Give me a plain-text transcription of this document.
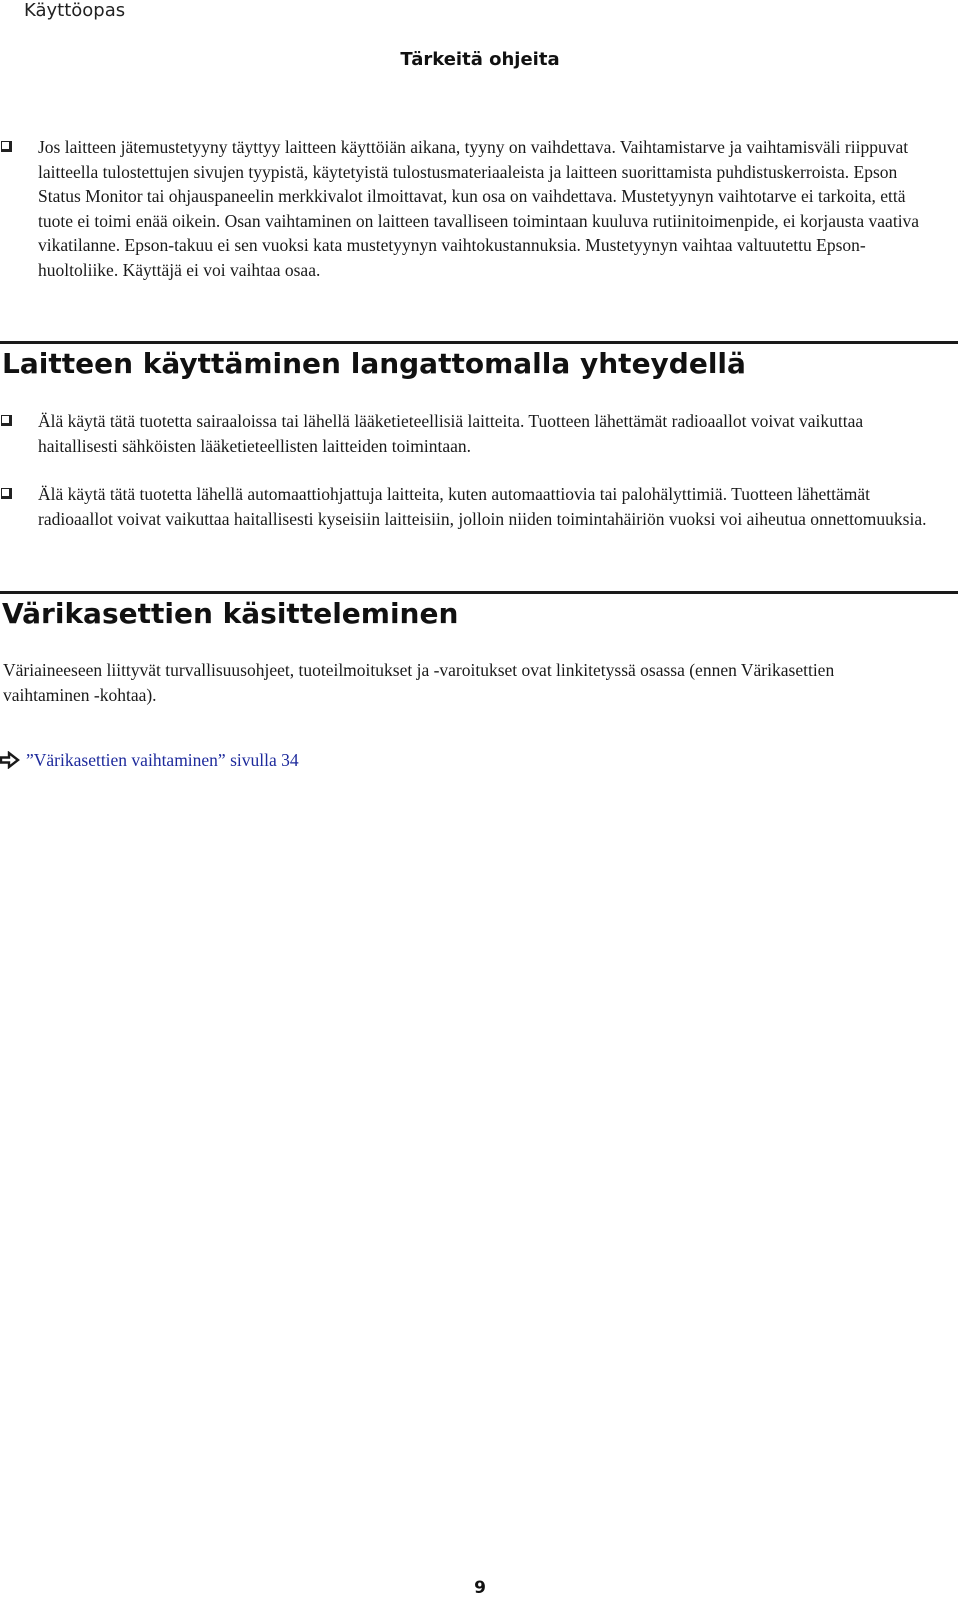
Käyttöopas
Tärkeitä ohjeita

Jos laitteen jätemustetyyny täyttyy laitteen käyttöiän aikana, tyyny on vaihdettava. Vaihtamistarve ja vaihtamisväli riippuvat laitteella tulostettujen sivujen tyypistä, käytetyistä tulostusmateriaaleista ja laitteen suorittamista puhdistuskerroista. Epson Status Monitor tai ohjauspaneelin merkkivalot ilmoittavat, kun osa on vaihdettava. Mustetyynyn vaihtotarve ei tarkoita, että tuote ei toimi enää oikein. Osan vaihtaminen on laitteen tavalliseen toimintaan kuuluva rutiinitoimenpide, ei korjausta vaativa vikatilanne. Epson-takuu ei sen vuoksi kata mustetyynyn vaihtokustannuksia. Mustetyynyn vaihtaa valtuutettu Epson-huoltoliike. Käyttäjä ei voi vaihtaa osaa.

Laitteen käyttäminen langattomalla yhteydellä

Älä käytä tätä tuotetta sairaaloissa tai lähellä lääketieteellisiä laitteita. Tuotteen lähettämät radioaallot voivat vaikuttaa haitallisesti sähköisten lääketieteellisten laitteiden toimintaan.

Älä käytä tätä tuotetta lähellä automaattiohjattuja laitteita, kuten automaattiovia tai palohälyttimiä. Tuotteen lähettämät radioaallot voivat vaikuttaa haitallisesti kyseisiin laitteisiin, jolloin niiden toimintahäiriön vuoksi voi aiheutua onnettomuuksia.

Värikasettien käsitteleminen

Väriaineeseen liittyvät turvallisuusohjeet, tuoteilmoitukset ja -varoitukset ovat linkitetyssä osassa (ennen Värikasettien vaihtaminen -kohtaa).

”Värikasettien vaihtaminen” sivulla 34
9
